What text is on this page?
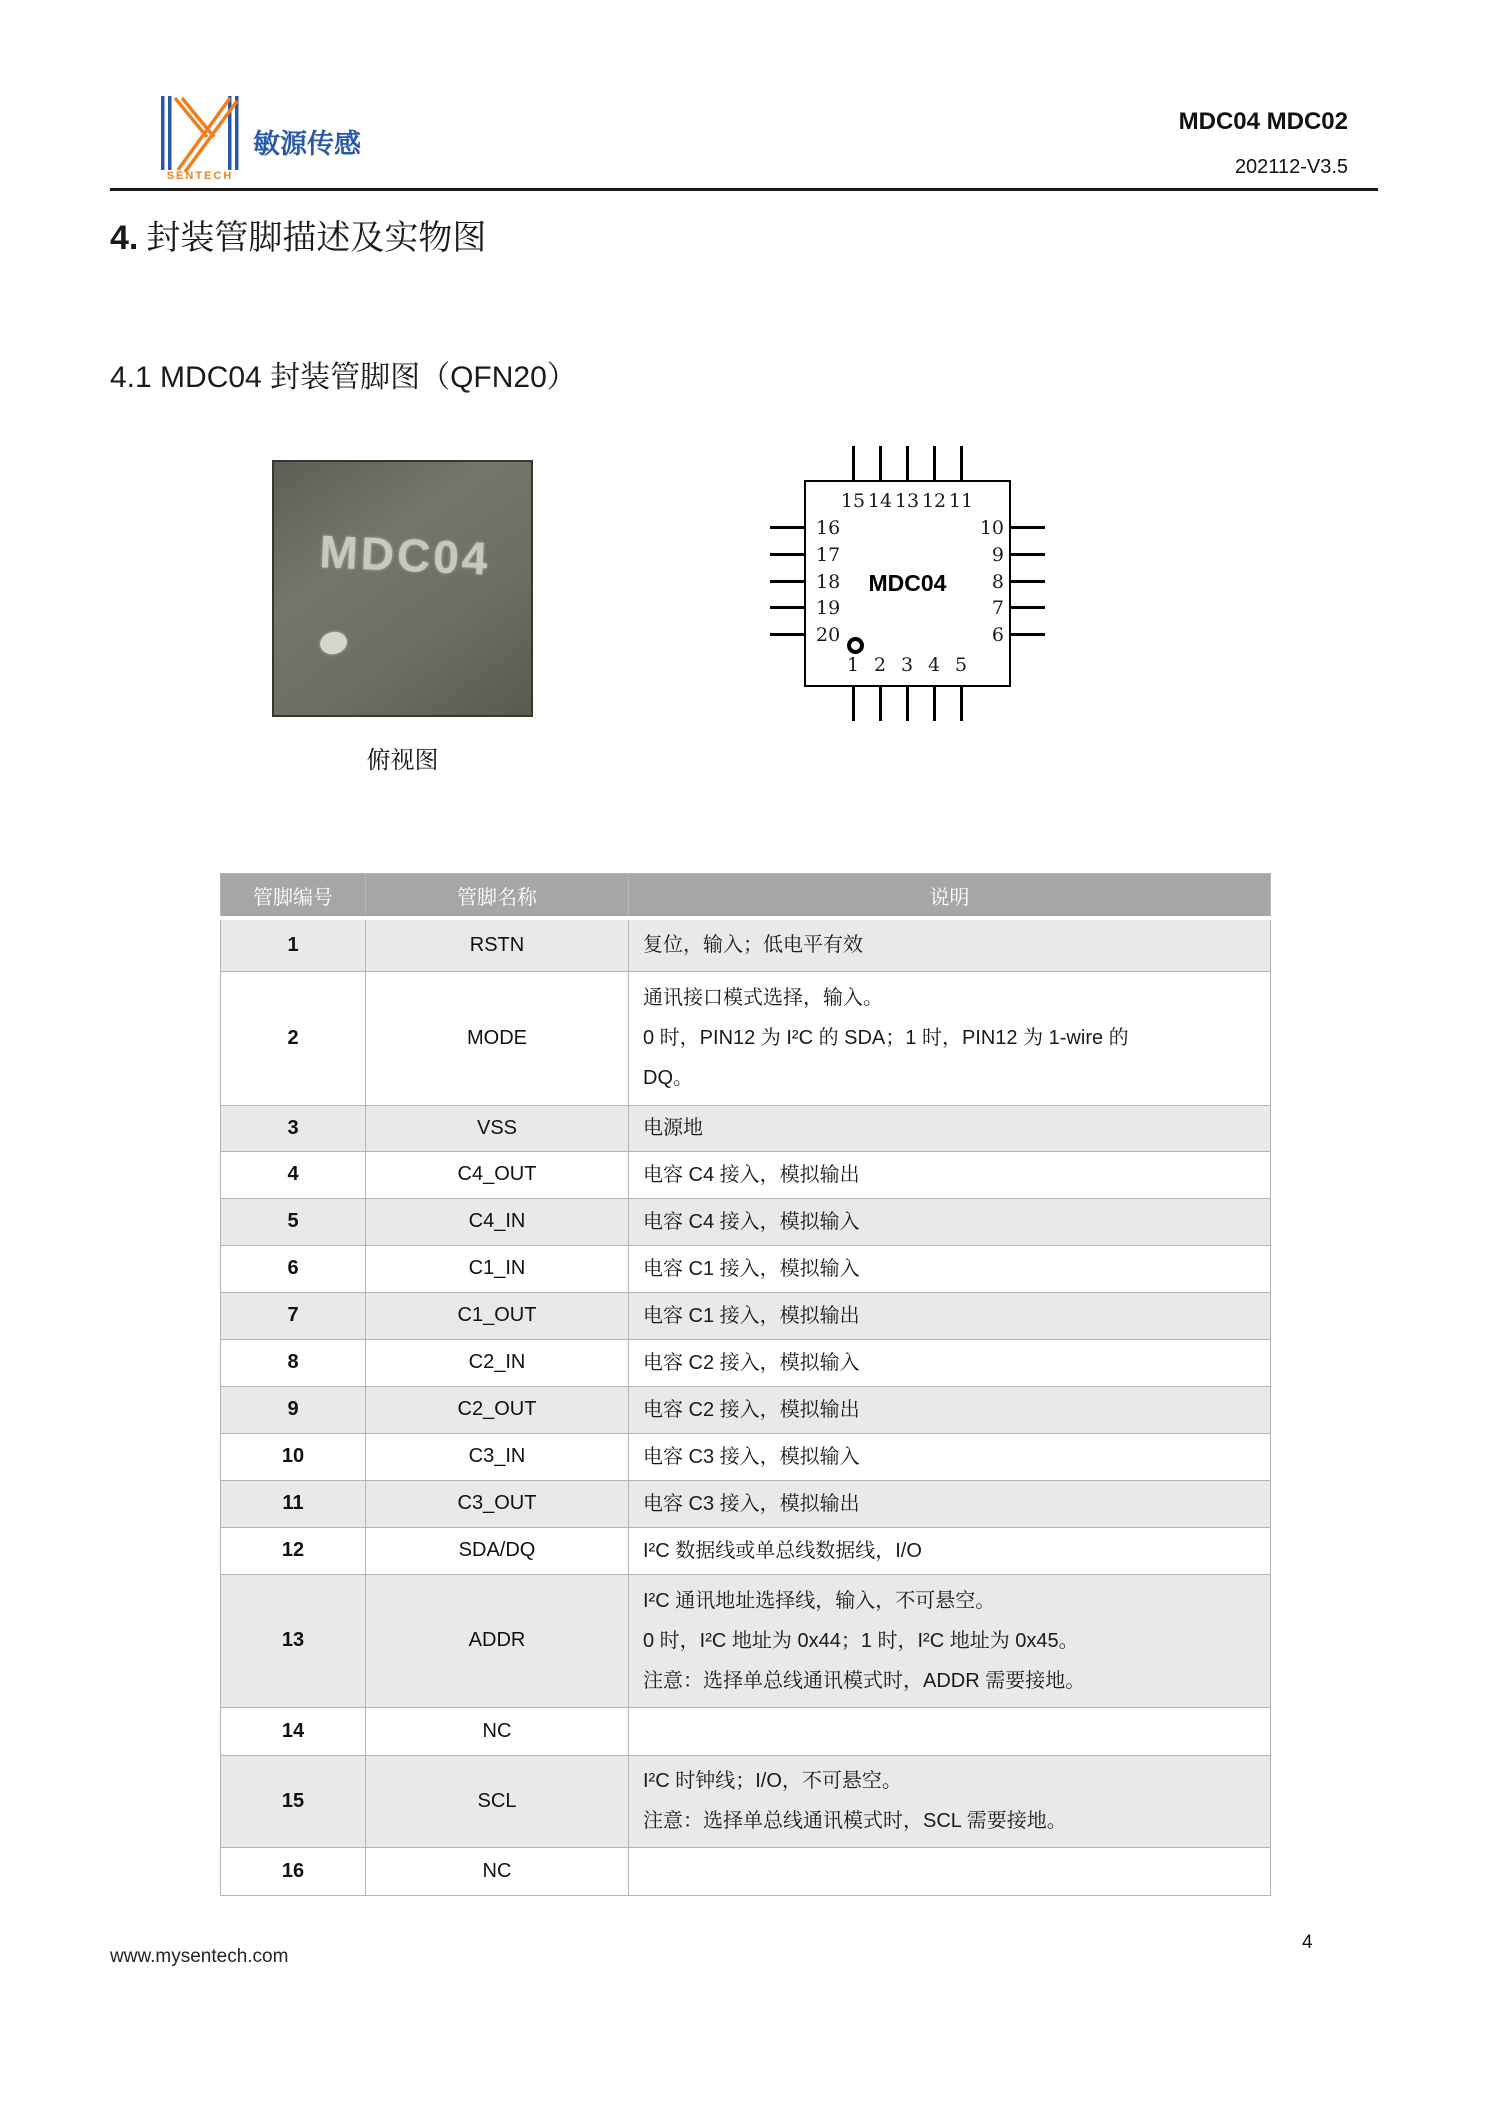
SENTECH
敏源传感
MDC04 MDC02
202112-V3.5
4. 封装管脚描述及实物图
4.1 MDC04 封装管脚图（QFN20）
MDC04
俯视图
15 14 13 12 11
16
17
18
19
20
10
9
8
7
6
1 2 3 4 5
MDC04
管脚编号	管脚名称	说明
1	RSTN	复位，输入；低电平有效

2	MODE	通讯接口模式选择，输入。

0 时，PIN12 为 I²C 的 SDA；1 时，PIN12 为 1-wire 的

DQ。

3	VSS	电源地

4	C4_OUT	电容 C4 接入，模拟输出

5	C4_IN	电容 C4 接入，模拟输入

6	C1_IN	电容 C1 接入，模拟输入

7	C1_OUT	电容 C1 接入，模拟输出

8	C2_IN	电容 C2 接入，模拟输入

9	C2_OUT	电容 C2 接入，模拟输出

10	C3_IN	电容 C3 接入，模拟输入

11	C3_OUT	电容 C3 接入，模拟输出

12	SDA/DQ	I²C 数据线或单总线数据线，I/O

13	ADDR	I²C 通讯地址选择线，输入，不可悬空。

0 时，I²C 地址为 0x44；1 时，I²C 地址为 0x45。

注意：选择单总线通讯模式时，ADDR 需要接地。

14	NC	
15	SCL	I²C 时钟线；I/O，不可悬空。

注意：选择单总线通讯模式时，SCL 需要接地。

16	NC	
www.mysentech.com
4
